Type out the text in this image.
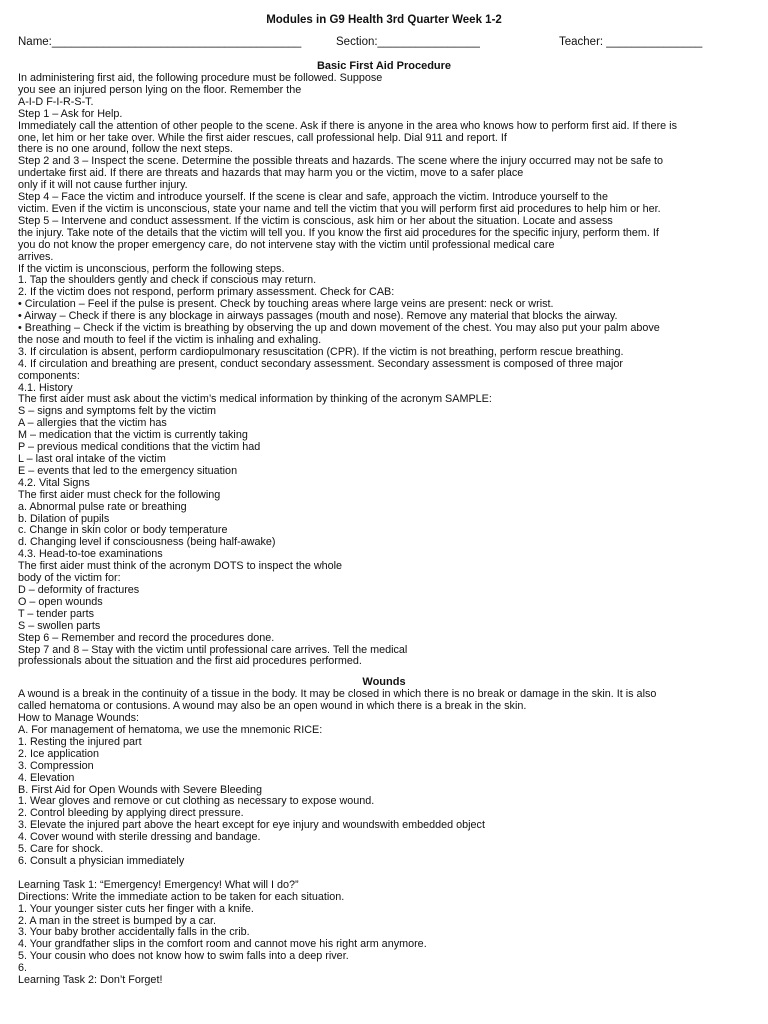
Modules in G9 Health 3rd Quarter Week 1-2
Name:_______________________________________	Section:________________	Teacher: _______________
Basic First Aid Procedure
In administering first aid, the following procedure must be followed. Suppose
you see an injured person lying on the floor. Remember the
A-I-D F-I-R-S-T.
Step 1 – Ask for Help.
Immediately call the attention of other people to the scene. Ask if there is anyone in the area who knows how to perform first aid. If there is
one, let him or her take over. While the first aider rescues, call professional help. Dial 911 and report. If
there is no one around, follow the next steps.
Step 2 and 3 – Inspect the scene. Determine the possible threats and hazards. The scene where the injury occurred may not be safe to
undertake first aid. If there are threats and hazards that may harm you or the victim, move to a safer place
only if it will not cause further injury.
Step 4 – Face the victim and introduce yourself. If the scene is clear and safe, approach the victim. Introduce yourself to the
victim. Even if the victim is unconscious, state your name and tell the victim that you will perform first aid procedures to help him or her.
Step 5 – Intervene and conduct assessment. If the victim is conscious, ask him or her about the situation. Locate and assess
the injury. Take note of the details that the victim will tell you. If you know the first aid procedures for the specific injury, perform them. If
you do not know the proper emergency care, do not intervene stay with the victim until professional medical care
arrives.
If the victim is unconscious, perform the following steps.
1. Tap the shoulders gently and check if conscious may return.
2. If the victim does not respond, perform primary assessment. Check for CAB:
• Circulation – Feel if the pulse is present. Check by touching areas where large veins are present: neck or wrist.
• Airway – Check if there is any blockage in airways passages (mouth and nose). Remove any material that blocks the airway.
• Breathing – Check if the victim is breathing by observing the up and down movement of the chest. You may also put your palm above
the nose and mouth to feel if the victim is inhaling and exhaling.
3. If circulation is absent, perform cardiopulmonary resuscitation (CPR). If the victim is not breathing, perform rescue breathing.
4. If circulation and breathing are present, conduct secondary assessment. Secondary assessment is composed of three major
components:
4.1. History
The first aider must ask about the victim’s medical information by thinking of the acronym SAMPLE:
S – signs and symptoms felt by the victim
A – allergies that the victim has
M – medication that the victim is currently taking
P – previous medical conditions that the victim had
L – last oral intake of the victim
E – events that led to the emergency situation
4.2. Vital Signs
The first aider must check for the following
a. Abnormal pulse rate or breathing
b. Dilation of pupils
c. Change in skin color or body temperature
d. Changing level if consciousness (being half-awake)
4.3. Head-to-toe examinations
The first aider must think of the acronym DOTS to inspect the whole
body of the victim for:
D – deformity of fractures
O – open wounds
T – tender parts
S – swollen parts
Step 6 – Remember and record the procedures done.
Step 7 and 8 – Stay with the victim until professional care arrives. Tell the medical
professionals about the situation and the first aid procedures performed.
Wounds
A wound is a break in the continuity of a tissue in the body. It may be closed in which there is no break or damage in the skin. It is also
called hematoma or contusions. A wound may also be an open wound in which there is a break in the skin.
How to Manage Wounds:
A. For management of hematoma, we use the mnemonic RICE:
1. Resting the injured part
2. Ice application
3. Compression
4. Elevation
B. First Aid for Open Wounds with Severe Bleeding
1. Wear gloves and remove or cut clothing as necessary to expose wound.
2. Control bleeding by applying direct pressure.
3. Elevate the injured part above the heart except for eye injury and woundswith embedded object
4. Cover wound with sterile dressing and bandage.
5. Care for shock.
6. Consult a physician immediately
Learning Task 1: “Emergency! Emergency! What will I do?”
Directions: Write the immediate action to be taken for each situation.
1. Your younger sister cuts her finger with a knife.
2. A man in the street is bumped by a car.
3. Your baby brother accidentally falls in the crib.
4. Your grandfather slips in the comfort room and cannot move his right arm anymore.
5. Your cousin who does not know how to swim falls into a deep river.
6.
Learning Task 2: Don’t Forget!
